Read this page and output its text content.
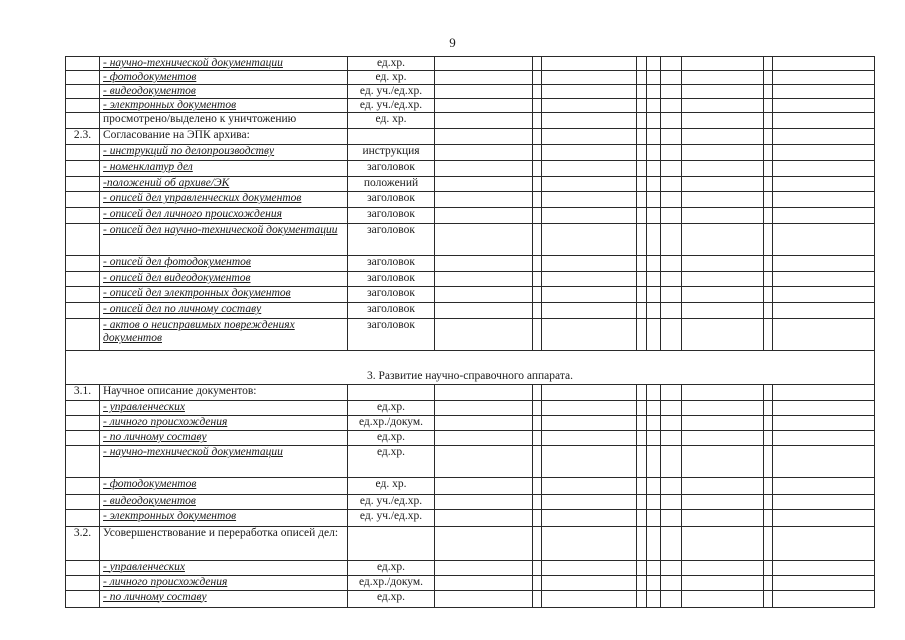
9
	- научно-технической документации	ед.хр.									
	- фотодокументов	ед. хр.									
	- видеодокументов	ед. уч./ед.хр.									
	- электронных документов	ед. уч./ед.хр.									
	просмотрено/выделено к уничтожению	ед. хр.									
2.3.	Согласование на ЭПК архива:										
	- инструкций по делопроизводству	инструкция									
	- номенклатур дел	заголовок									
	-положений об архиве/ЭК	положений									
	- описей дел управленческих документов	заголовок									
	- описей дел личного происхождения	заголовок									
	- описей дел научно-технической документации	заголовок									
	- описей дел фотодокументов	заголовок									
	- описей дел видеодокументов	заголовок									
	- описей дел электронных документов	заголовок									
	- описей дел по личному составу	заголовок									
	- актов о неисправимых повреждениях документов	заголовок									
3. Развитие научно-справочного аппарата.											
3.1.	Научное описание документов:										
	- управленческих	ед.хр.									
	- личного происхождения	ед.хр./докум.									
	- по личному составу	ед.хр.									
	- научно-технической документации	ед.хр.									
	- фотодокументов	ед. хр.									
	- видеодокументов	ед. уч./ед.хр.									
	- электронных документов	ед. уч./ед.хр.									
3.2.	Усовершенствование и переработка описей дел:										
	- управленческих	ед.хр.									
	- личного происхождения	ед.хр./докум.									
	- по личному составу	ед.хр.									
